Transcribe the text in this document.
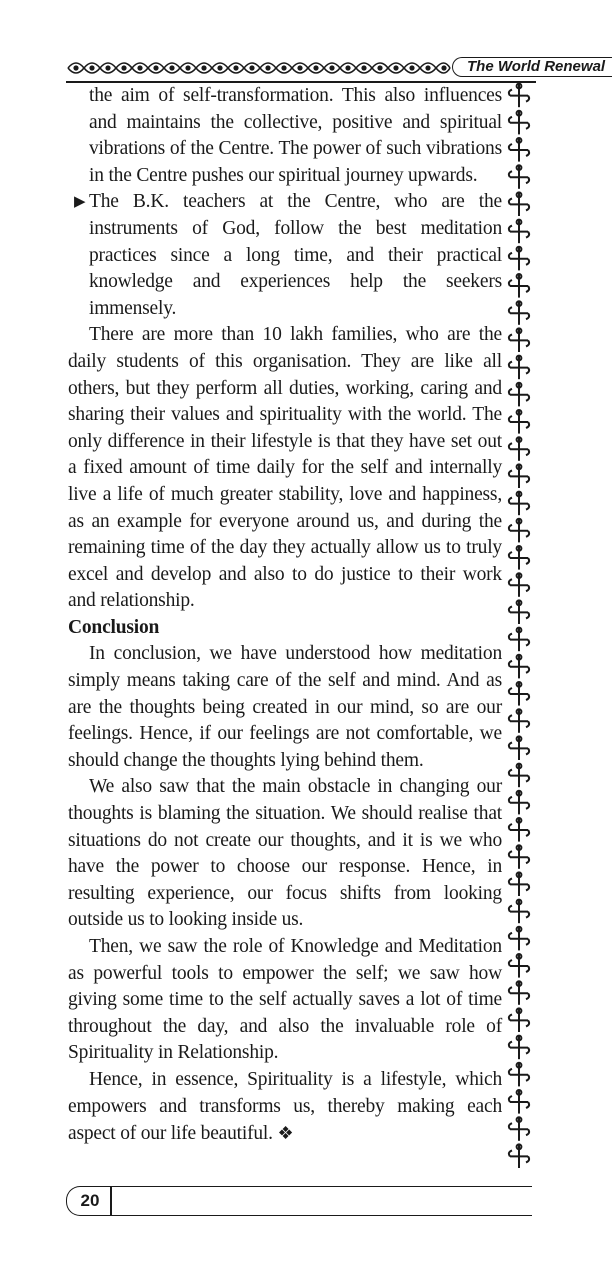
The World Renewal

the aim of self-transformation. This also influences and maintains the collective, positive and spiritual vibrations of the Centre. The power of such vibrations in the Centre pushes our spiritual journey upwards.

▶ The B.K. teachers at the Centre, who are the instruments of God, follow the best meditation practices since a long time, and their practical knowledge and experiences help the seekers immensely.

There are more than 10 lakh families, who are the daily students of this organisation. They are like all others, but they perform all duties, working, caring and sharing their values and spirituality with the world. The only difference in their lifestyle is that they have set out a fixed amount of time daily for the self and internally live a life of much greater stability, love and happiness, as an example for everyone around us, and during the remaining time of the day they actually allow us to truly excel and develop and also to do justice to their work and relationship.

Conclusion

In conclusion, we have understood how meditation simply means taking care of the self and mind. And as are the thoughts being created in our mind, so are our feelings. Hence, if our feelings are not comfortable, we should change the thoughts lying behind them.

We also saw that the main obstacle in changing our thoughts is blaming the situation. We should realise that situations do not create our thoughts, and it is we who have the power to choose our response. Hence, in resulting experience, our focus shifts from looking outside us to looking inside us.

Then, we saw the role of Knowledge and Meditation as powerful tools to empower the self; we saw how giving some time to the self actually saves a lot of time throughout the day, and also the invaluable role of Spirituality in Relationship.

Hence, in essence, Spirituality is a lifestyle, which empowers and transforms us, thereby making each aspect of our life beautiful. ❖

20
